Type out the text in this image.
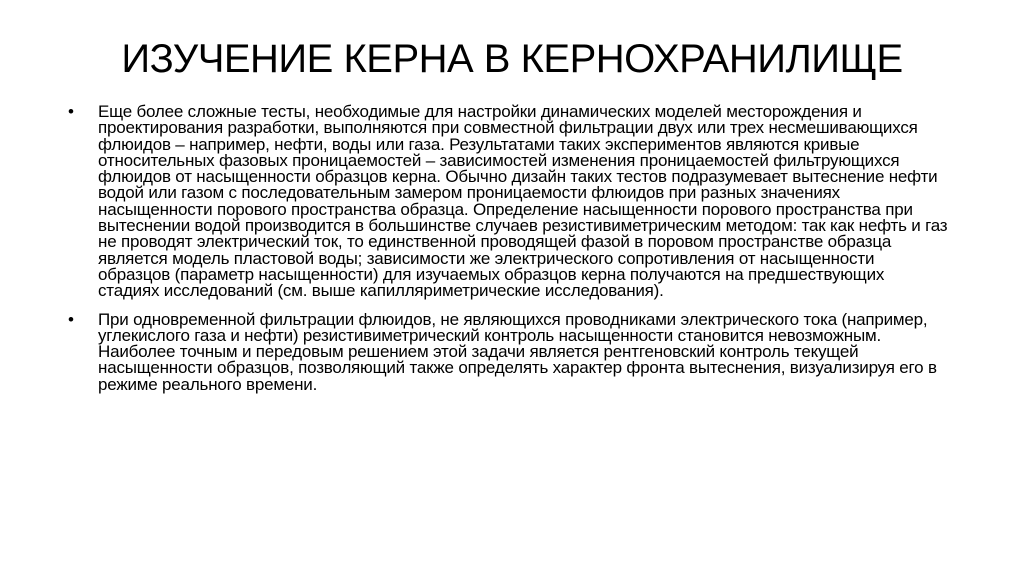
ИЗУЧЕНИЕ КЕРНА В КЕРНОХРАНИЛИЩЕ
• Еще более сложные тесты, необходимые для настройки динамических моделей месторождения и проектирования разработки, выполняются при совместной фильтрации двух или трех несмешивающихся флюидов – например, нефти, воды или газа. Результатами таких экспериментов являются кривые относительных фазовых проницаемостей – зависимостей изменения проницаемостей фильтрующихся флюидов от насыщенности образцов керна. Обычно дизайн таких тестов подразумевает вытеснение нефти водой или газом с последовательным замером проницаемости флюидов при разных значениях насыщенности порового пространства образца. Определение насыщенности порового пространства при вытеснении водой производится в большинстве случаев резистивиметрическим методом: так как нефть и газ не проводят электрический ток, то единственной проводящей фазой в поровом пространстве образца является модель пластовой воды; зависимости же электрического сопротивления от насыщенности образцов (параметр насыщенности) для изучаемых образцов керна получаются на предшествующих стадиях исследований (см. выше капилляриметрические исследования).
• При одновременной фильтрации флюидов, не являющихся проводниками электрического тока (например, углекислого газа и нефти) резистивиметрический контроль насыщенности становится невозможным. Наиболее точным и передовым решением этой задачи является рентгеновский контроль текущей насыщенности образцов, позволяющий также определять характер фронта вытеснения, визуализируя его в режиме реального времени.
